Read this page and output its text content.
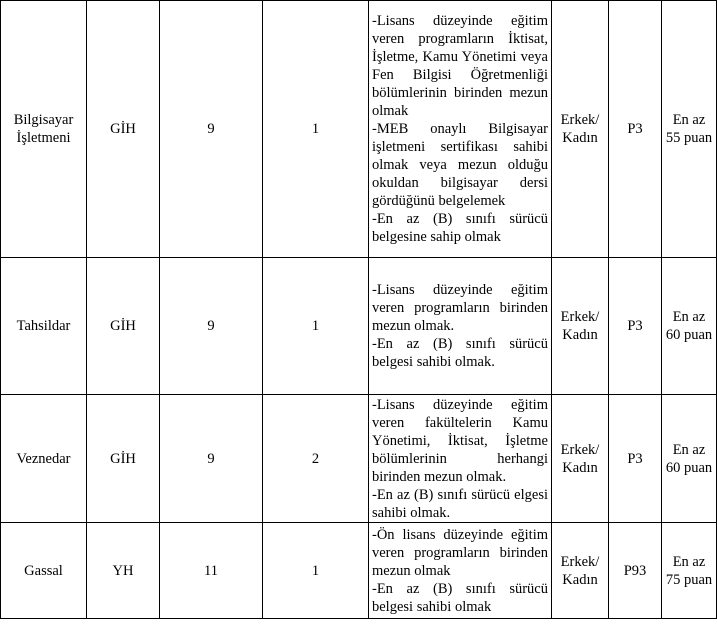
Bilgisayar İşletmeni	GİH	9	1	-Lisans düzeyinde eğitim veren programların İktisat, İşletme, Kamu Yönetimi veya Fen Bilgisi Öğretmenliği bölümlerinin birinden mezun olmak
-MEB onaylı Bilgisayar işletmeni sertifikası sahibi olmak veya mezun olduğu okuldan bilgisayar dersi gördüğünü belgelemek
-En az (B) sınıfı sürücü belgesine sahip olmak	Erkek/ Kadın	P3	En az 55 puan
Tahsildar	GİH	9	1	-Lisans düzeyinde eğitim veren programların birinden mezun olmak.
-En az (B) sınıfı sürücü belgesi sahibi olmak.	Erkek/ Kadın	P3	En az 60 puan
Veznedar	GİH	9	2	-Lisans düzeyinde eğitim veren fakültelerin Kamu Yönetimi, İktisat, İşletme bölümlerinin herhangi birinden mezun olmak.
-En az (B) sınıfı sürücü elgesi sahibi olmak.	Erkek/ Kadın	P3	En az 60 puan
Gassal	YH	11	1	-Ön lisans düzeyinde eğitim veren programların birinden mezun olmak
-En az (B) sınıfı sürücü belgesi sahibi olmak	Erkek/ Kadın	P93	En az 75 puan
